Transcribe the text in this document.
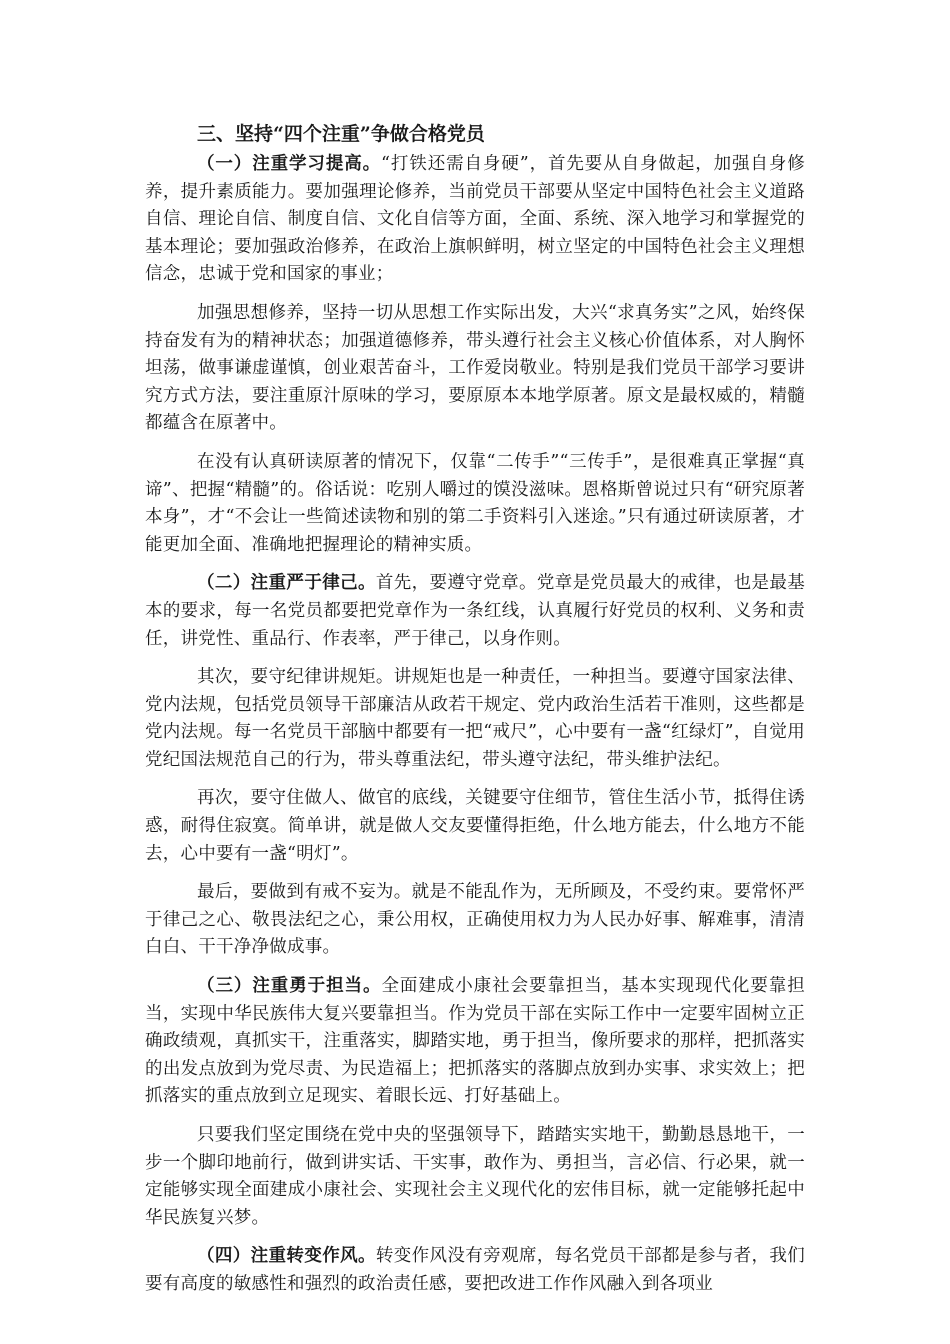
三、坚持“四个注重”争做合格党员

（一）注重学习提高。“打铁还需自身硬”，首先要从自身做起，加强自身修养，提升素质能力。要加强理论修养，当前党员干部要从坚定中国特色社会主义道路自信、理论自信、制度自信、文化自信等方面，全面、系统、深入地学习和掌握党的基本理论；要加强政治修养，在政治上旗帜鲜明，树立坚定的中国特色社会主义理想信念，忠诚于党和国家的事业；

加强思想修养，坚持一切从思想工作实际出发，大兴“求真务实”之风，始终保持奋发有为的精神状态；加强道德修养，带头遵行社会主义核心价值体系，对人胸怀坦荡，做事谦虚谨慎，创业艰苦奋斗，工作爱岗敬业。特别是我们党员干部学习要讲究方式方法，要注重原汁原味的学习，要原原本本地学原著。原文是最权威的，精髓都蕴含在原著中。

在没有认真研读原著的情况下，仅靠“二传手”“三传手”，是很难真正掌握“真谛”、把握“精髓”的。俗话说：吃别人嚼过的馍没滋味。恩格斯曾说过只有“研究原著本身”，才“不会让一些简述读物和别的第二手资料引入迷途。”只有通过研读原著，才能更加全面、准确地把握理论的精神实质。

（二）注重严于律己。首先，要遵守党章。党章是党员最大的戒律，也是最基本的要求，每一名党员都要把党章作为一条红线，认真履行好党员的权利、义务和责任，讲党性、重品行、作表率，严于律己，以身作则。

其次，要守纪律讲规矩。讲规矩也是一种责任，一种担当。要遵守国家法律、党内法规，包括党员领导干部廉洁从政若干规定、党内政治生活若干准则，这些都是党内法规。每一名党员干部脑中都要有一把“戒尺”，心中要有一盏“红绿灯”，自觉用党纪国法规范自己的行为，带头尊重法纪，带头遵守法纪，带头维护法纪。

再次，要守住做人、做官的底线，关键要守住细节，管住生活小节，抵得住诱惑，耐得住寂寞。简单讲，就是做人交友要懂得拒绝，什么地方能去，什么地方不能去，心中要有一盏“明灯”。

最后，要做到有戒不妄为。就是不能乱作为，无所顾及，不受约束。要常怀严于律己之心、敬畏法纪之心，秉公用权，正确使用权力为人民办好事、解难事，清清白白、干干净净做成事。

（三）注重勇于担当。全面建成小康社会要靠担当，基本实现现代化要靠担当，实现中华民族伟大复兴要靠担当。作为党员干部在实际工作中一定要牢固树立正确政绩观，真抓实干，注重落实，脚踏实地，勇于担当，像所要求的那样，把抓落实的出发点放到为党尽责、为民造福上；把抓落实的落脚点放到办实事、求实效上；把抓落实的重点放到立足现实、着眼长远、打好基础上。

只要我们坚定围绕在党中央的坚强领导下，踏踏实实地干，勤勤恳恳地干，一步一个脚印地前行，做到讲实话、干实事，敢作为、勇担当，言必信、行必果，就一定能够实现全面建成小康社会、实现社会主义现代化的宏伟目标，就一定能够托起中华民族复兴梦。

（四）注重转变作风。转变作风没有旁观席，每名党员干部都是参与者，我们要有高度的敏感性和强烈的政治责任感，要把改进工作作风融入到各项业
